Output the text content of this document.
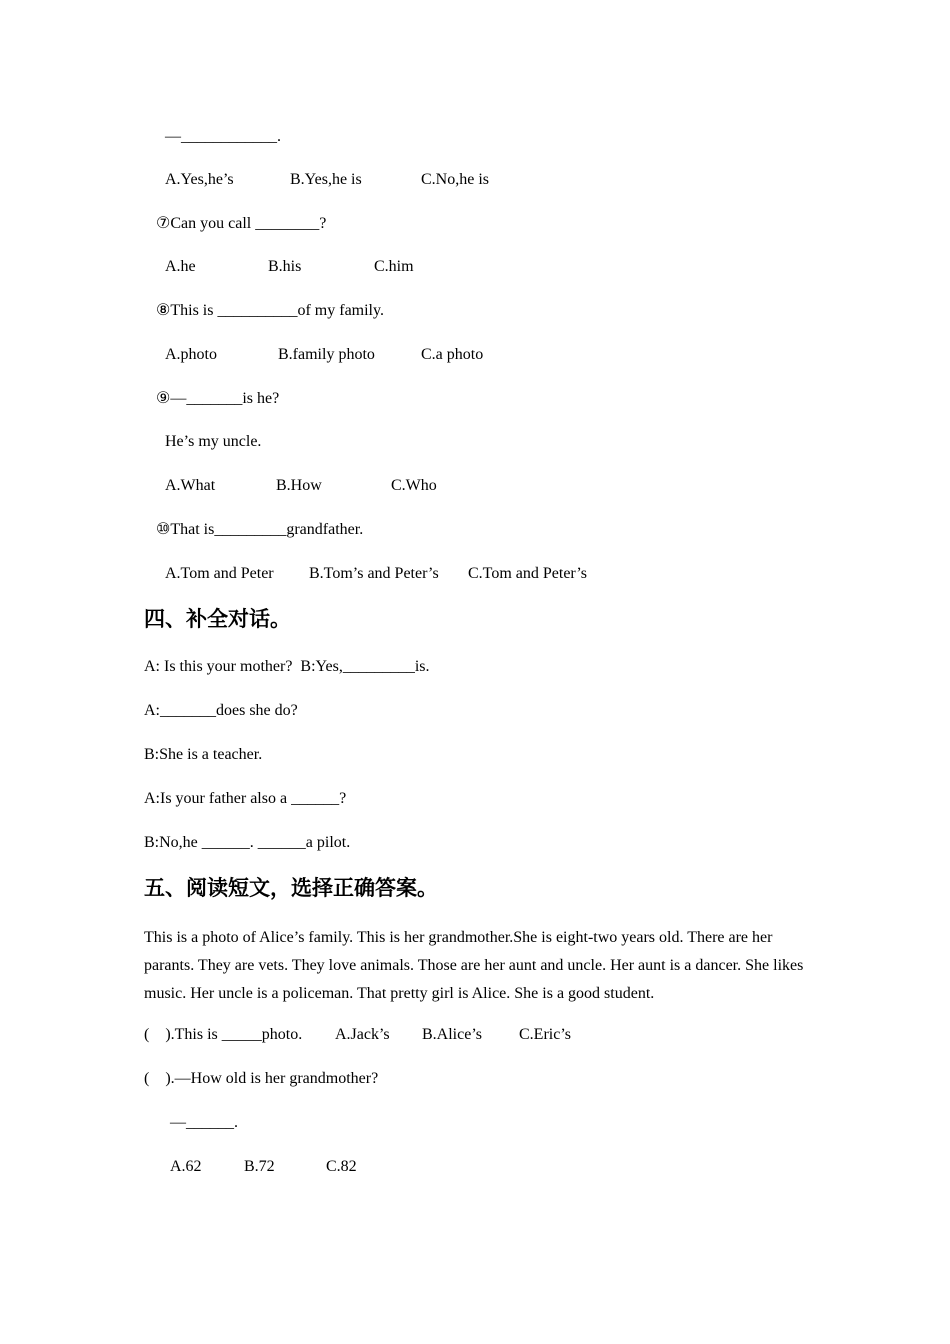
—____________.

A.Yes,he’s	B.Yes,he is	C.No,he is

⑦Can you call ________?

A.he	B.his	C.him

⑧This is __________of my family.

A.photo	B.family photo	C.a photo

⑨—_______is he?

He’s my uncle.

A.What	B.How	C.Who

⑩That is_________grandfather.

A.Tom and Peter B.Tom’s and Peter’s C.Tom and Peter’s
四、补全对话。

A: Is this your mother?  B:Yes,_________is.

A:_______does she do?

B:She is a teacher.

A:Is your father also a ______?

B:No,he ______. ______a pilot.

五、阅读短文，选择正确答案。

This is a photo of Alice’s family. This is her grandmother.She is eight-two years old. There are her parants. They are vets. They love animals. Those are her aunt and uncle. Her aunt is a dancer. She likes music. Her uncle is a policeman. That pretty girl is Alice. She is a good student.

(    ).This is _____photo. A.Jack’s B.Alice’s C.Eric’s

(    ).—How old is her grandmother?

—______.

A.62	B.72	C.82
